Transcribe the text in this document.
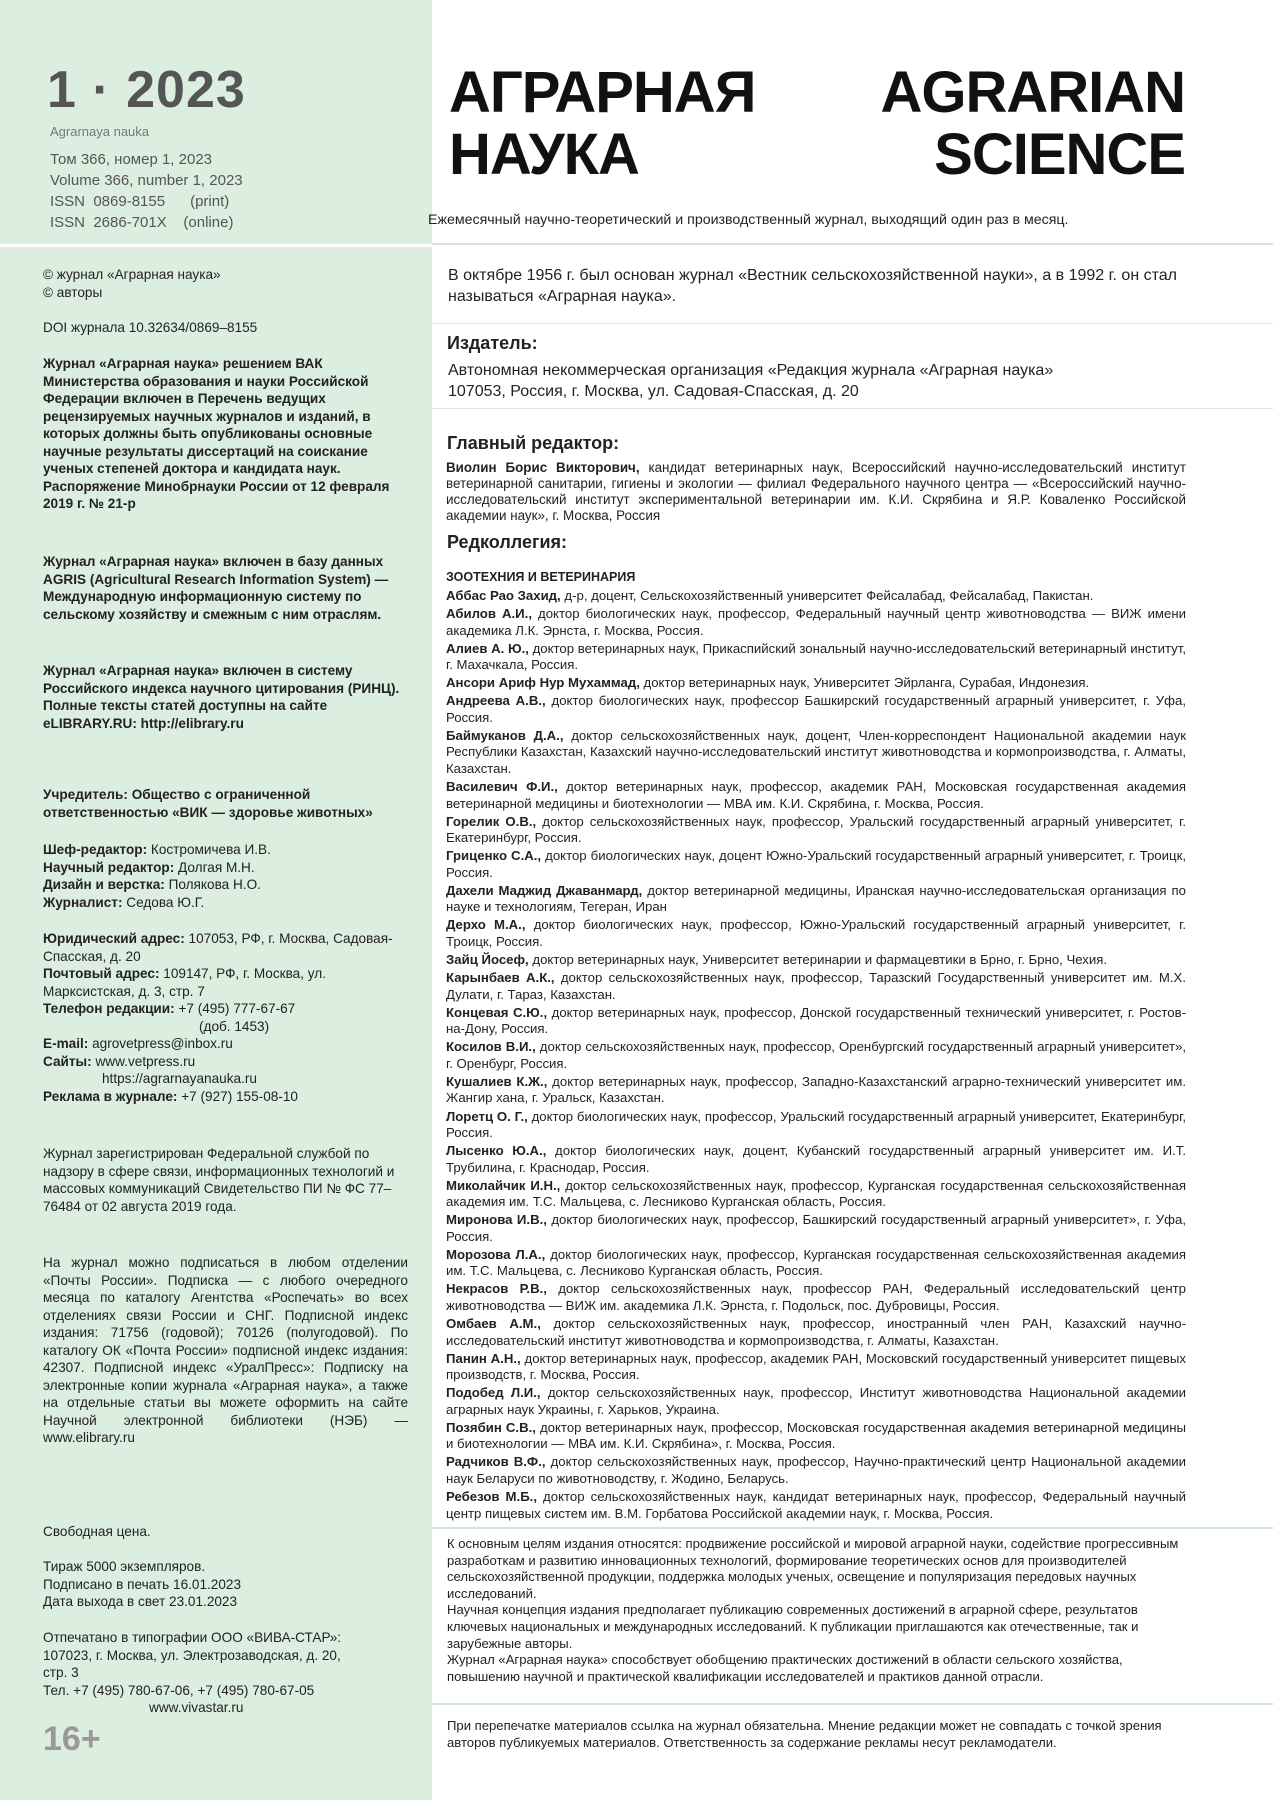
1 · 2023
Agrarnaya nauka
Том 366, номер 1, 2023
Volume 366, number 1, 2023
ISSN  0869-8155      (print)
ISSN  2686-701X    (online)
© журнал «Аграрная наука»
© авторы
DOI журнала 10.32634/0869–8155
Журнал «Аграрная наука» решением ВАК Министерства образования и науки Российской Федерации включен в Перечень ведущих рецензируемых научных журналов и изданий, в которых должны быть опубликованы основные научные результаты диссертаций на соискание ученых степеней доктора и кандидата наук.
Распоряжение Минобрнауки России от 12 февраля 2019 г. № 21-р
Журнал «Аграрная наука» включен в базу данных AGRIS (Agricultural Research Information System) — Международную информационную систему по сельскому хозяйству и смежным с ним отраслям.
Журнал «Аграрная наука» включен в систему Российского индекса научного цитирования (РИНЦ).
Полные тексты статей доступны на сайте eLIBRARY.RU: http://elibrary.ru
Учредитель: Общество с ограниченной ответственностью «ВИК — здоровье животных»
Шеф-редактор: Костромичева И.В.
Научный редактор: Долгая М.Н.
Дизайн и верстка: Полякова Н.О.
Журналист: Седова Ю.Г.
Юридический адрес: 107053, РФ, г. Москва, Садовая-Спасская, д. 20
Почтовый адрес: 109147, РФ, г. Москва, ул. Марксистская, д. 3, стр. 7
Телефон редакции: +7 (495) 777-67-67
(доб. 1453)
E-mail: agrovetpress@inbox.ru
Сайты: www.vetpress.ru
https://agrarnayanauka.ru
Реклама в журнале: +7 (927) 155-08-10
Журнал зарегистрирован Федеральной службой по надзору в сфере связи, информационных технологий и массовых коммуникаций Свидетельство ПИ № ФС 77–76484 от 02 августа 2019 года.
На журнал можно подписаться в любом отделении «Почты России». Подписка — с любого очередного месяца по каталогу Агентства «Роспечать» во всех отделениях связи России и СНГ. Подписной индекс издания: 71756 (годовой); 70126 (полугодовой). По каталогу ОК «Почта России» подписной индекс издания: 42307. Подписной индекс «УралПресс»: Подписку на электронные копии журнала «Аграрная наука», а также на отдельные статьи вы можете оформить на сайте Научной электронной библиотеки (НЭБ) — www.elibrary.ru
Свободная цена.
Тираж 5000 экземпляров.
Подписано в печать 16.01.2023
Дата выхода в свет 23.01.2023
Отпечатано в типографии ООО «ВИВА-СТАР»: 107023, г. Москва, ул. Электрозаводская, д. 20, стр. 3
Тел. +7 (495) 780-67-06, +7 (495) 780-67-05
www.vivastar.ru
16+
АГРАРНАЯ
НАУКА
AGRARIAN
SCIENCE
Ежемесячный научно-теоретический и производственный журнал, выходящий один раз в месяц.
В октябре 1956 г. был основан журнал «Вестник сельскохозяйственной науки», а в 1992 г. он стал называться «Аграрная наука».
Издатель:
Автономная некоммерческая организация «Редакция журнала «Аграрная наука»
107053, Россия, г. Москва, ул. Садовая-Спасская, д. 20
Главный редактор:
Виолин Борис Викторович, кандидат ветеринарных наук, Всероссийский научно-исследовательский институт ветеринарной санитарии, гигиены и экологии — филиал Федерального научного центра — «Всероссийский научно-исследовательский институт экспериментальной ветеринарии им. К.И. Скрябина и Я.Р. Коваленко Российской академии наук», г. Москва, Россия
Редколлегия:
ЗООТЕХНИЯ И ВЕТЕРИНАРИЯ
Аббас Рао Захид, д-р, доцент, Сельскохозяйственный университет Фейсалабад, Фейсалабад, Пакистан.
Абилов А.И., доктор биологических наук, профессор, Федеральный научный центр животноводства — ВИЖ имени академика Л.К. Эрнста, г. Москва, Россия.
Алиев А. Ю., доктор ветеринарных наук, Прикаспийский зональный научно-исследовательский ветеринарный институт, г. Махачкала, Россия.
Ансори Ариф Нур Мухаммад, доктор ветеринарных наук, Университет Эйрланга, Сурабая, Индонезия.
Андреева А.В., доктор биологических наук, профессор Башкирский государственный аграрный университет, г. Уфа, Россия.
Баймуканов Д.А., доктор сельскохозяйственных наук, доцент, Член-корреспондент Национальной академии наук Республики Казахстан, Казахский научно-исследовательский институт животноводства и кормопроизводства, г. Алматы, Казахстан.
Василевич Ф.И., доктор ветеринарных наук, профессор, академик РАН, Московская государственная академия ветеринарной медицины и биотехнологии — МВА им. К.И. Скрябина, г. Москва, Россия.
Горелик О.В., доктор сельскохозяйственных наук, профессор, Уральский государственный аграрный университет, г. Екатеринбург, Россия.
Гриценко С.А., доктор биологических наук, доцент Южно-Уральский государственный аграрный университет, г. Троицк, Россия.
Дахели Маджид Джаванмард, доктор ветеринарной медицины, Иранская научно-исследовательская организация по науке и технологиям, Тегеран, Иран
Дерхо М.А., доктор биологических наук, профессор, Южно-Уральский государственный аграрный университет, г. Троицк, Россия.
Зайц Йосеф, доктор ветеринарных наук, Университет ветеринарии и фармацевтики в Брно, г. Брно, Чехия.
Карынбаев А.К., доктор сельскохозяйственных наук, профессор, Таразский Государственный университет им. М.Х. Дулати, г. Тараз, Казахстан.
Концевая С.Ю., доктор ветеринарных наук, профессор, Донской государственный технический университет, г. Ростов-на-Дону, Россия.
Косилов В.И., доктор сельскохозяйственных наук, профессор, Оренбургский государственный аграрный университет», г. Оренбург, Россия.
Кушалиев К.Ж., доктор ветеринарных наук, профессор, Западно-Казахстанский аграрно-технический университет им. Жангир хана, г. Уральск, Казахстан.
Лоретц О. Г., доктор биологических наук, профессор, Уральский государственный аграрный университет, Екатеринбург, Россия.
Лысенко Ю.А., доктор биологических наук, доцент, Кубанский государственный аграрный университет им. И.Т. Трубилина, г. Краснодар, Россия.
Миколайчик И.Н., доктор сельскохозяйственных наук, профессор, Курганская государственная сельскохозяйственная академия им. Т.С. Мальцева, с. Лесниково Курганская область, Россия.
Миронова И.В., доктор биологических наук, профессор, Башкирский государственный аграрный университет», г. Уфа, Россия.
Морозова Л.А., доктор биологических наук, профессор, Курганская государственная сельскохозяйственная академия им. Т.С. Мальцева, с. Лесниково Курганская область, Россия.
Некрасов Р.В., доктор сельскохозяйственных наук, профессор РАН, Федеральный исследовательский центр животноводства — ВИЖ им. академика Л.К. Эрнста, г. Подольск, пос. Дубровицы, Россия.
Омбаев А.М., доктор сельскохозяйственных наук, профессор, иностранный член РАН, Казахский научно-исследовательский институт животноводства и кормопроизводства, г. Алматы, Казахстан.
Панин А.Н., доктор ветеринарных наук, профессор, академик РАН, Московский государственный университет пищевых производств, г. Москва, Россия.
Подобед Л.И., доктор сельскохозяйственных наук, профессор, Институт животноводства Национальной академии аграрных наук Украины, г. Харьков, Украина.
Позябин С.В., доктор ветеринарных наук, профессор, Московская государственная академия ветеринарной медицины и биотехнологии — МВА им. К.И. Скрябина», г. Москва, Россия.
Радчиков В.Ф., доктор сельскохозяйственных наук, профессор, Научно-практический центр Национальной академии наук Беларуси по животноводству, г. Жодино, Беларусь.
Ребезов М.Б., доктор сельскохозяйственных наук, кандидат ветеринарных наук, профессор, Федеральный научный центр пищевых систем им. В.М. Горбатова Российской академии наук, г. Москва, Россия.
К основным целям издания относятся: продвижение российской и мировой аграрной науки, содействие прогрессивным разработкам и развитию инновационных технологий, формирование теоретических основ для производителей сельскохозяйственной продукции, поддержка молодых ученых, освещение и популяризация передовых научных исследований.
Научная концепция издания предполагает публикацию современных достижений в аграрной сфере, результатов ключевых национальных и международных исследований. К публикации приглашаются как отечественные, так и зарубежные авторы.
Журнал «Аграрная наука» способствует обобщению практических достижений в области сельского хозяйства, повышению научной и практической квалификации исследователей и практиков данной отрасли.
При перепечатке материалов ссылка на журнал обязательна. Мнение редакции может не совпадать с точкой зрения авторов публикуемых материалов. Ответственность за содержание рекламы несут рекламодатели.
